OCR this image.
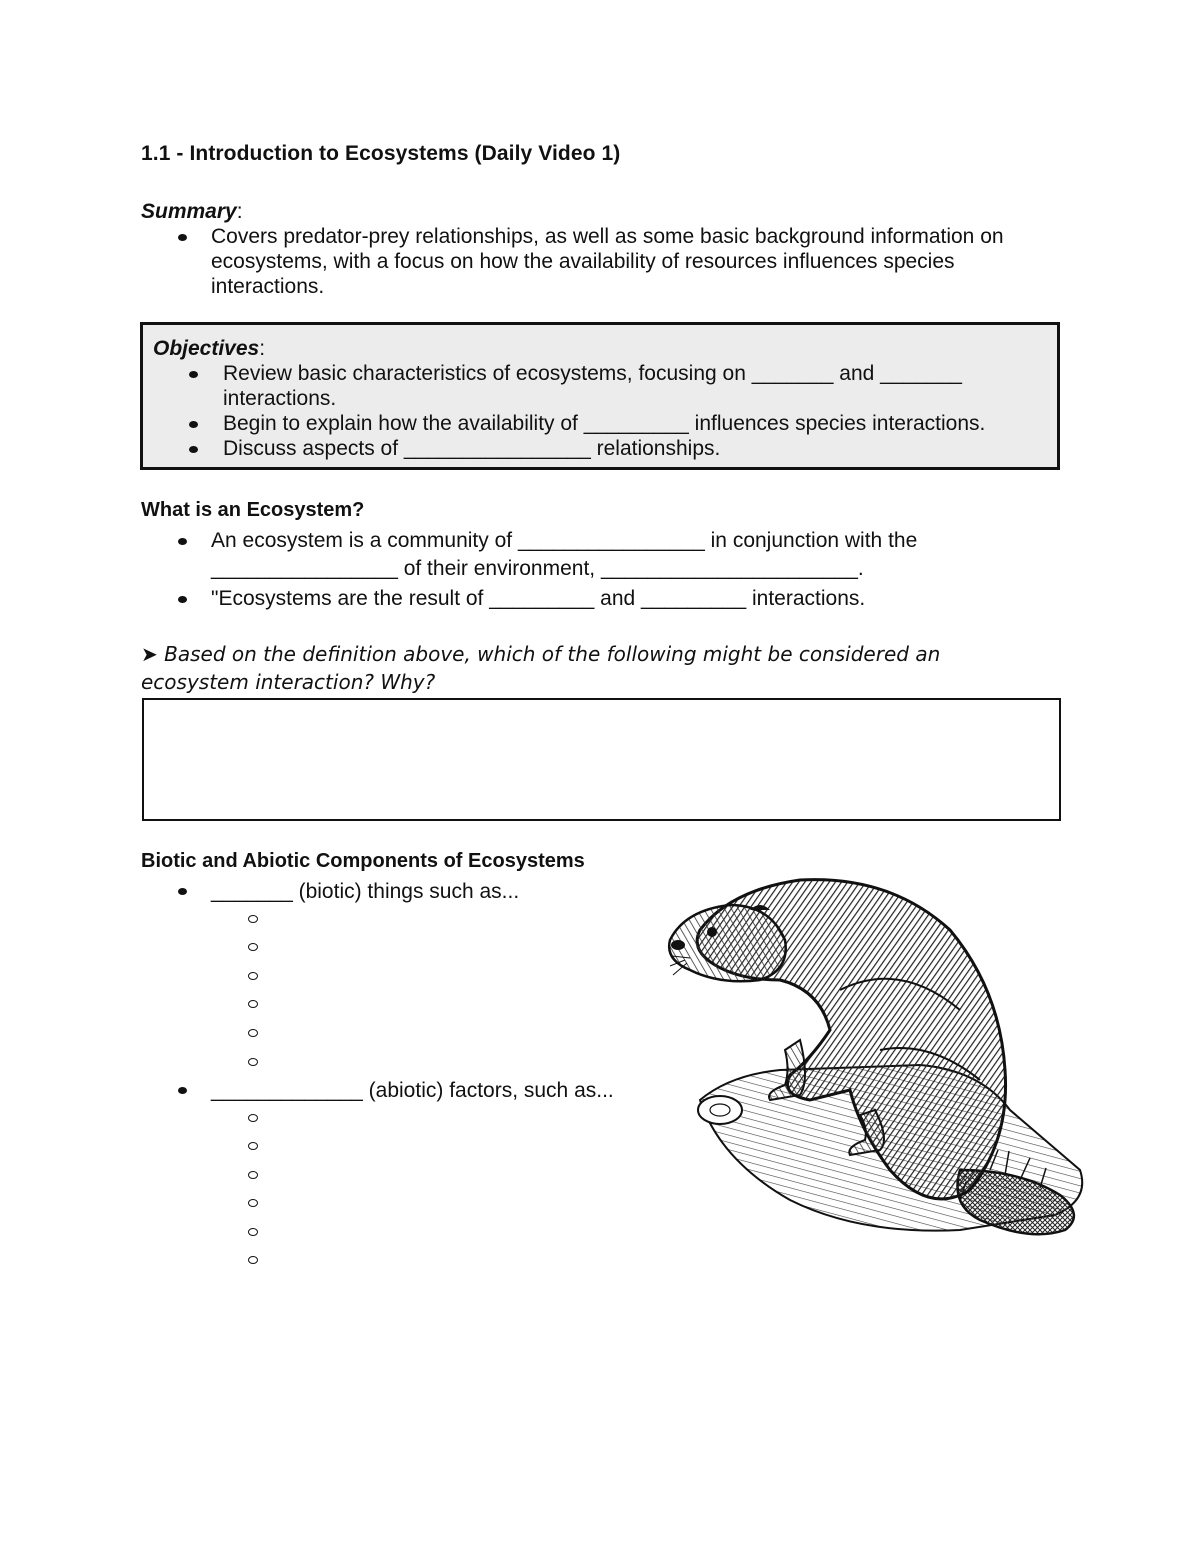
1.1 - Introduction to Ecosystems (Daily Video 1)
Summary:
Covers predator-prey relationships, as well as some basic background information on ecosystems, with a focus on how the availability of resources influences species interactions.
Objectives:
Review basic characteristics of ecosystems, focusing on _______ and _______ interactions.
Begin to explain how the availability of _________ influences species interactions.
Discuss aspects of ________________ relationships.
What is an Ecosystem?
An ecosystem is a community of ________________ in conjunction with the ________________ of their environment, ______________________.
"Ecosystems are the result of _________ and _________ interactions.
➤ Based on the definition above, which of the following might be considered an ecosystem interaction? Why?
Biotic and Abiotic Components of Ecosystems
_______ (biotic) things such as...
_____________ (abiotic) factors, such as...
